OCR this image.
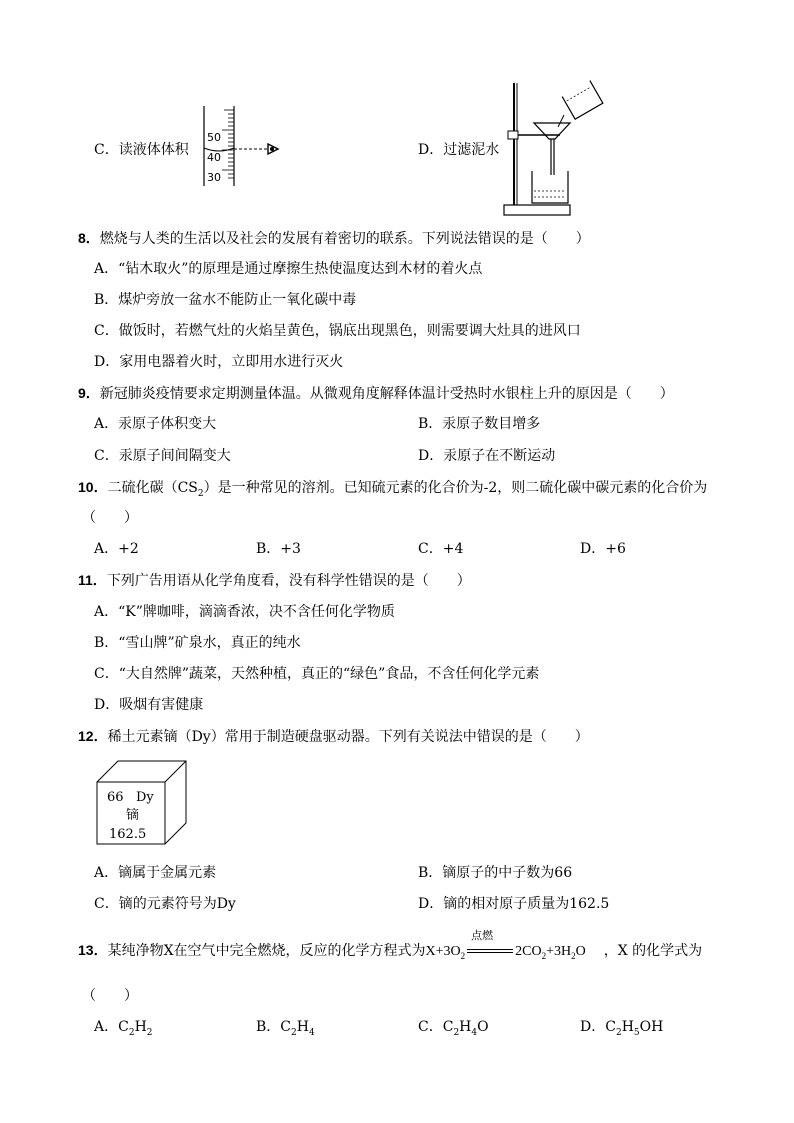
C．读液体体积
50
40
30
D．过滤泥水
8．燃烧与人类的生活以及社会的发展有着密切的联系。下列说法错误的是（　　）
A．“钻木取火”的原理是通过摩擦生热使温度达到木材的着火点
B．煤炉旁放一盆水不能防止一氧化碳中毒
C．做饭时，若燃气灶的火焰呈黄色，锅底出现黑色，则需要调大灶具的进风口
D．家用电器着火时，立即用水进行灭火
9．新冠肺炎疫情要求定期测量体温。从微观角度解释体温计受热时水银柱上升的原因是（　　）
A．汞原子体积变大	B．汞原子数目增多
C．汞原子间间隔变大	D．汞原子在不断运动
10．二硫化碳$(CS_2)$是一种常见的溶剂。已知硫元素的化合价为-2，则二硫化碳中碳元素的化合价为
（　　）
A．+2	B．+3	C．+4	D．+6
11．下列广告用语从化学角度看，没有科学性错误的是（　　）
A．“K”牌咖啡，滴滴香浓，决不含任何化学物质
B．“雪山牌”矿泉水，真正的纯水
C．“大自然牌”蔬菜，天然种植，真正的“绿色”食品，不含任何化学元素
D．吸烟有害健康
12．稀土元素镝（Dy）常用于制造硬盘驱动器。下列有关说法中错误的是（　　）
66 Dy
镝
162.5
A．镝属于金属元素	B．镝原子的中子数为66
C．镝的元素符号为Dy	D．镝的相对原子质量为162.5
13．某纯净物X在空气中完全燃烧，反应的化学方程式为$X+3O_2$
点燃
$2CO_2+3H_2O$ ，X 的化学式为
（　　）
A．$C_2H_2$	B．$C_2H_4$	C．$C_2H_4O$	D．$C_2H_5OH$
